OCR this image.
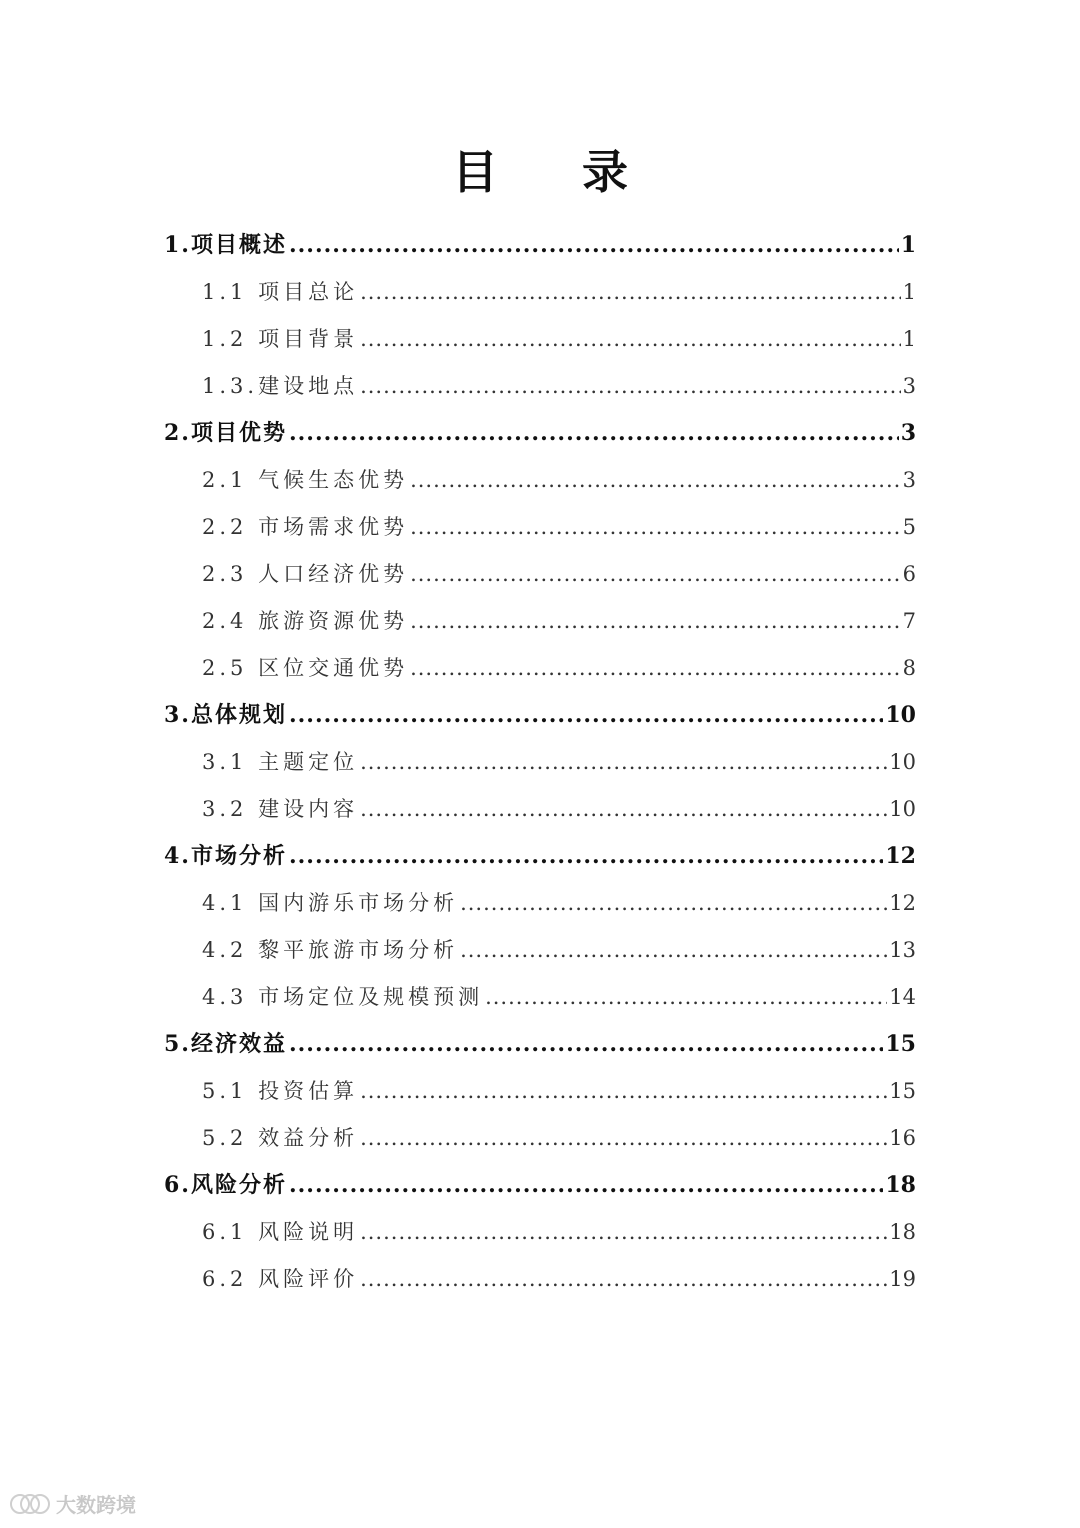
目 录
1.项目概述 .....	1
1.1 项目总论 .....	1
1.2 项目背景 .....	1
1.3.建设地点 .....	3
2.项目优势 .....	3
2.1 气候生态优势 .....	3
2.2 市场需求优势 .....	5
2.3 人口经济优势 .....	6
2.4 旅游资源优势 .....	7
2.5 区位交通优势 .....	8
3.总体规划 .....	10
3.1 主题定位 .....	10
3.2 建设内容 .....	10
4.市场分析 .....	12
4.1 国内游乐市场分析 .....	12
4.2 黎平旅游市场分析 .....	13
4.3 市场定位及规模预测 .....	14
5.经济效益 .....	15
5.1 投资估算 .....	15
5.2 效益分析 .....	16
6.风险分析 .....	18
6.1 风险说明 .....	18
6.2 风险评价 .....	19
大数跨境
